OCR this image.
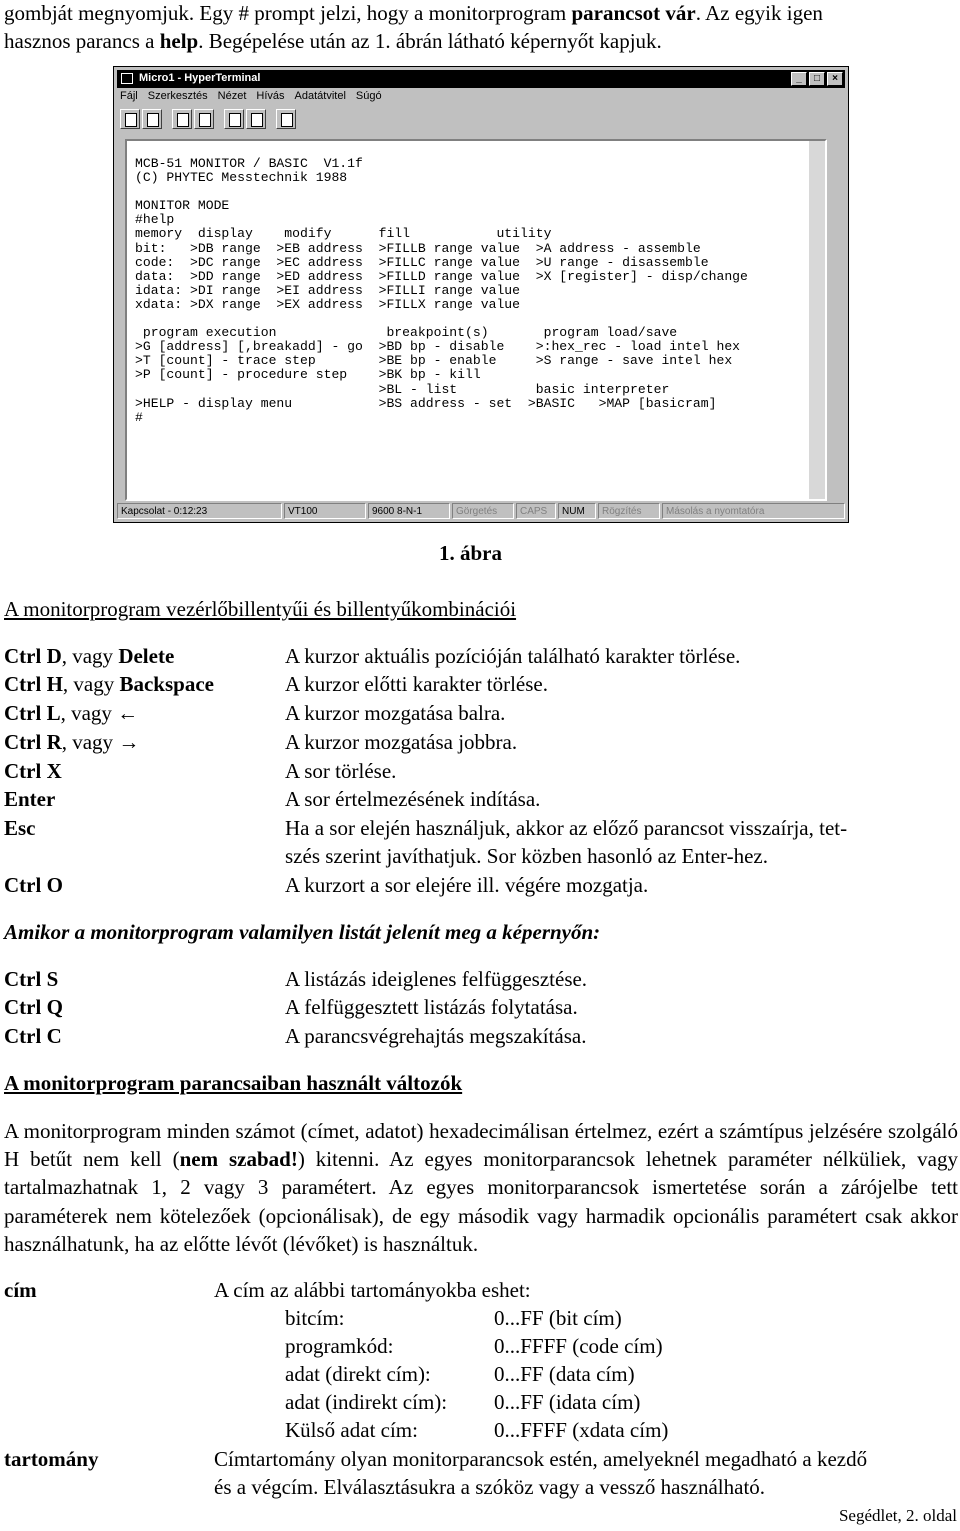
gombját megnyomjuk. Egy # prompt jelzi, hogy a monitorprogram parancsot vár. Az egyik igen
hasznos parancs a help. Begépelése után az 1. ábrán látható képernyőt kapjuk.
Micro1 - HyperTerminal	_	□	×
Fájl Szerkesztés Nézet Hívás Adatátvitel Súgó
MCB-51 MONITOR / BASIC  V1.1f
(C) PHYTEC Messtechnik 1988

MONITOR MODE
#help
memory  display    modify      fill           utility
bit:   >DB range  >EB address  >FILLB range value  >A address - assemble
code:  >DC range  >EC address  >FILLC range value  >U range - disassemble
data:  >DD range  >ED address  >FILLD range value  >X [register] - disp/change
idata: >DI range  >EI address  >FILLI range value
xdata: >DX range  >EX address  >FILLX range value

program execution              breakpoint(s)       program load/save
>G [address] [,breakadd] - go  >BD bp - disable    >:hex_rec - load intel hex
>T [count] - trace step        >BE bp - enable     >S range - save intel hex
>P [count] - procedure step    >BK bp - kill
>BL - list          basic interpreter
>HELP - display menu           >BS address - set  >BASIC   >MAP [basicram]
#
Kapcsolat - 0:12:23	VT100	9600 8-N-1	Görgetés	CAPS	NUM	Rögzítés	Másolás a nyomtatóra
1. ábra
A monitorprogram vezérlőbillentyűi és billentyűkombinációi
Ctrl D, vagy Delete	A kurzor aktuális pozícióján található karakter törlése.
Ctrl H, vagy Backspace	A kurzor előtti karakter törlése.
Ctrl L, vagy ←	A kurzor mozgatása balra.
Ctrl R, vagy →	A kurzor mozgatása jobbra.
Ctrl X	A sor törlése.
Enter	A sor értelmezésének indítása.
Esc	Ha a sor elején használjuk, akkor az előző parancsot visszaírja, tet-
szés szerint javíthatjuk. Sor közben hasonló az Enter-hez.
Ctrl O	A kurzort a sor elejére ill. végére mozgatja.
Amikor a monitorprogram valamilyen listát jelenít meg a képernyőn:
Ctrl S	A listázás ideiglenes felfüggesztése.
Ctrl Q	A felfüggesztett listázás folytatása.
Ctrl C	A parancsvégrehajtás megszakítása.
A monitorprogram parancsaiban használt változók

A monitorprogram minden számot (címet, adatot) hexadecimálisan értelmez, ezért a számtípus jelzésére szolgáló H betűt nem kell (nem szabad!) kitenni. Az egyes monitorparancsok lehetnek paraméter nélküliek, vagy tartalmazhatnak 1, 2 vagy 3 paramétert. Az egyes monitorparancsok ismertetése során a zárójelbe tett paraméterek nem kötelezőek (opcionálisak), de egy második vagy harmadik opcionális paramétert csak akkor használhatunk, ha az előtte lévőt (lévőket) is használtuk.

cím	A cím az alábbi tartományokba eshet:
bitcím:	0...FF (bit cím)
programkód:	0...FFFF (code cím)
adat (direkt cím):	0...FF (data cím)
adat (indirekt cím): 0...FF (idata cím)
Külső adat cím:	0...FFFF (xdata cím)
tartomány	Címtartomány olyan monitorparancsok estén, amelyeknél megadható a kezdő
és a végcím. Elválasztásukra a szóköz vagy a vessző használható.
Segédlet, 2. oldal
